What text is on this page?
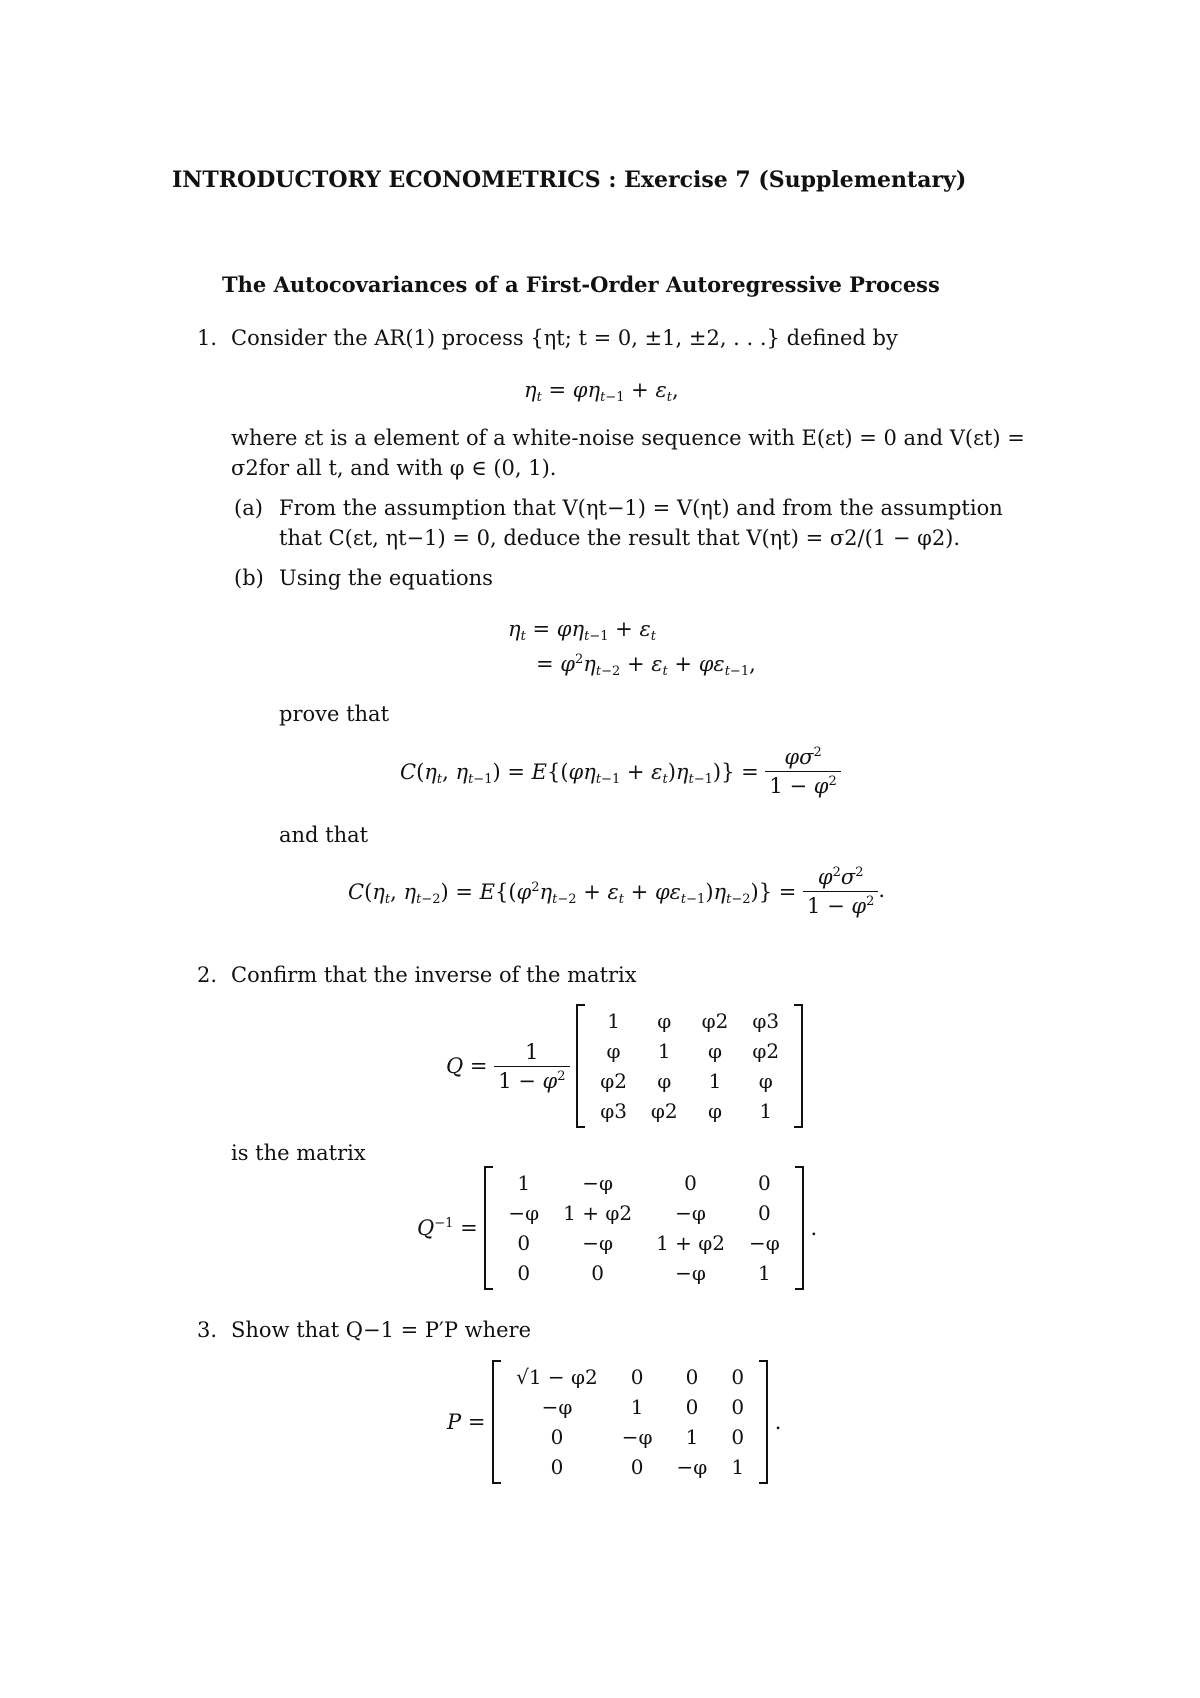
INTRODUCTORY ECONOMETRICS : Exercise 7 (Supplementary)
The Autocovariances of a First-Order Autoregressive Process
1. Consider the AR(1) process {ηt; t = 0, ±1, ±2, . . .} defined by
$\eta_t = \varphi\eta_{t-1} + \varepsilon_t$,
where εt is a element of a white-noise sequence with E(εt) = 0 and V(εt) =
σ2for all t, and with φ ∈ (0, 1).
(a) From the assumption that V(ηt−1) = V(ηt) and from the assumption
that C(εt, ηt−1) = 0, deduce the result that V(ηt) = σ2/(1 − φ2).
(b) Using the equations
$\eta_t = \varphi\eta_{t-1} + \varepsilon_t$
= $\varphi^2\eta_{t-2} + \varepsilon_t + \varphi\varepsilon_{t-1}$,
prove that
$C(\eta_t$, $\eta_{t-1}) = E\{(\varphi\eta_{t-1} + \varepsilon_t)\eta_{t-1})\} = \frac{\varphi\sigma^2}{1 - \varphi^2}$
and that
$C(\eta_t$, $\eta_{t-2}) = E\{(\varphi^2\eta_{t-2} + \varepsilon_t + \varphi\varepsilon_{t-1})\eta_{t-2})\} = \frac{\varphi^2\sigma^2}{1 - \varphi^2}$ .
2. Confirm that the inverse of the matrix
$Q = \frac{1}{1 - \varphi^2}$

1	φ	φ2	φ3
φ	1	φ	φ2
φ2	φ	1	φ
φ3	φ2	φ	1
is the matrix
$Q^{-1}$ =
1	−φ	0	0
−φ	1 + φ2	−φ	0
0	−φ	1 + φ2	−φ
0	0	−φ	1
.
3. Show that Q−1 = P′P where
P =
√1 − φ2	0	0	0
−φ	1	0	0
0	−φ	1	0
0	0	−φ	1
.
